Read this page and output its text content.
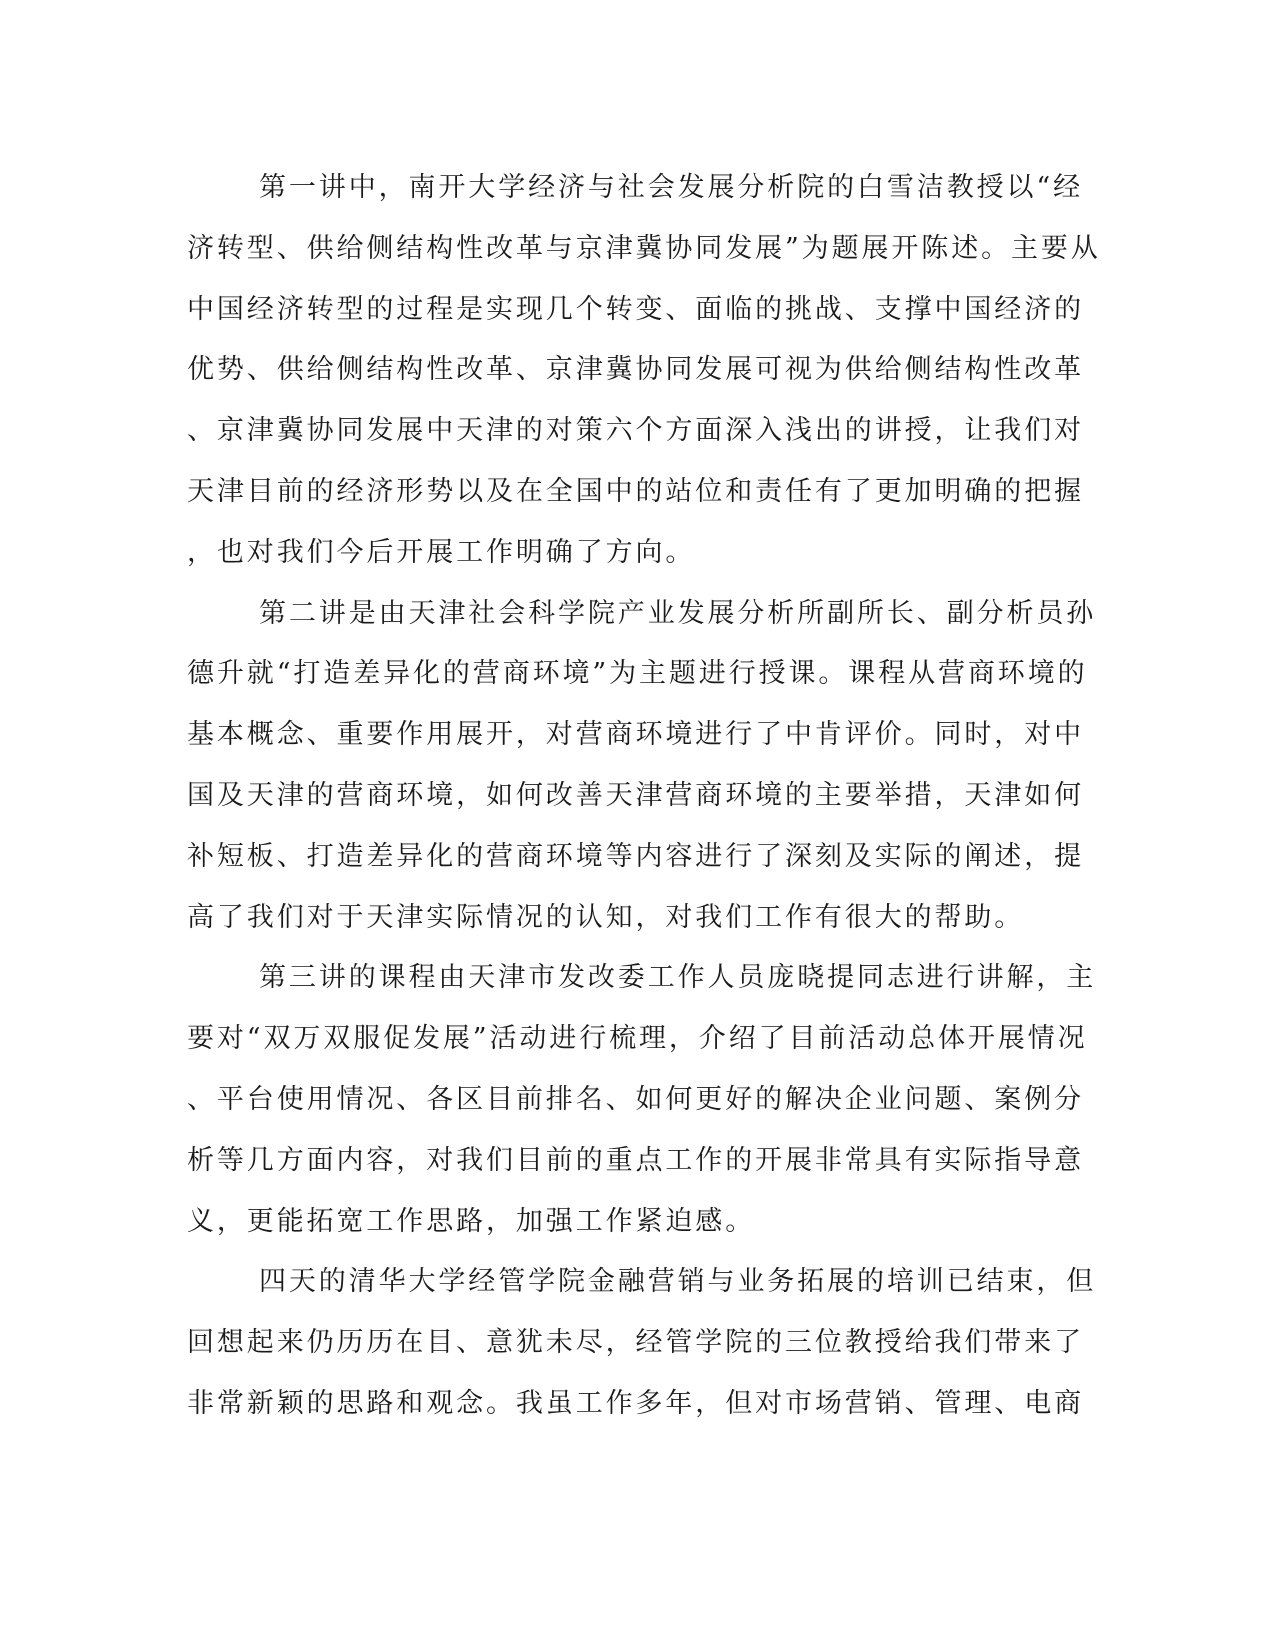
第一讲中，南开大学经济与社会发展分析院的白雪洁教授以“经
济转型、供给侧结构性改革与京津冀协同发展”为题展开陈述。主要从
中国经济转型的过程是实现几个转变、面临的挑战、支撑中国经济的
优势、供给侧结构性改革、京津冀协同发展可视为供给侧结构性改革
、京津冀协同发展中天津的对策六个方面深入浅出的讲授，让我们对
天津目前的经济形势以及在全国中的站位和责任有了更加明确的把握
，也对我们今后开展工作明确了方向。
第二讲是由天津社会科学院产业发展分析所副所长、副分析员孙
德升就“打造差异化的营商环境”为主题进行授课。课程从营商环境的
基本概念、重要作用展开，对营商环境进行了中肯评价。同时，对中
国及天津的营商环境，如何改善天津营商环境的主要举措，天津如何
补短板、打造差异化的营商环境等内容进行了深刻及实际的阐述，提
高了我们对于天津实际情况的认知，对我们工作有很大的帮助。
第三讲的课程由天津市发改委工作人员庞晓提同志进行讲解，主
要对“双万双服促发展”活动进行梳理，介绍了目前活动总体开展情况
、平台使用情况、各区目前排名、如何更好的解决企业问题、案例分
析等几方面内容，对我们目前的重点工作的开展非常具有实际指导意
义，更能拓宽工作思路，加强工作紧迫感。
四天的清华大学经管学院金融营销与业务拓展的培训已结束，但
回想起来仍历历在目、意犹未尽，经管学院的三位教授给我们带来了
非常新颖的思路和观念。我虽工作多年，但对市场营销、管理、电商
